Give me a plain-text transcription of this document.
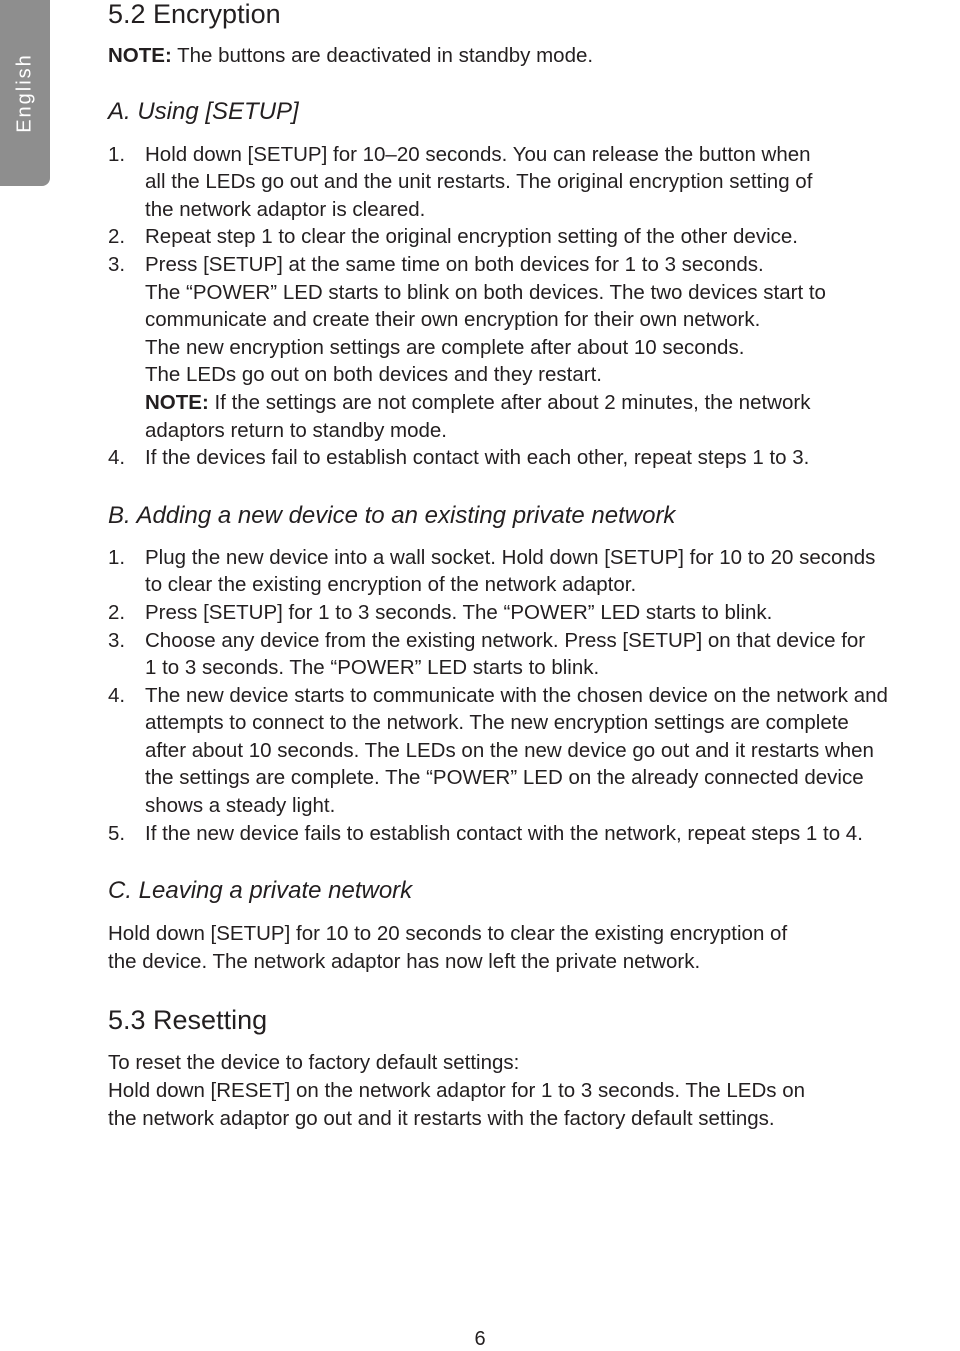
English
5.2 Encryption

NOTE: The buttons are deactivated in standby mode.

A. Using [SETUP]
1. Hold down [SETUP] for 10–20 seconds. You can release the button when
all the LEDs go out and the unit restarts. The original encryption setting of
the network adaptor is cleared.
2. Repeat step 1 to clear the original encryption setting of the other device.
3. Press [SETUP] at the same time on both devices for 1 to 3 seconds.
The “POWER” LED starts to blink on both devices. The two devices start to
communicate and create their own encryption for their own network.
The new encryption settings are complete after about 10 seconds.
The LEDs go out on both devices and they restart.
NOTE: If the settings are not complete after about 2 minutes, the network
adaptors return to standby mode.
4. If the devices fail to establish contact with each other, repeat steps 1 to 3.
B. Adding a new device to an existing private network
1. Plug the new device into a wall socket. Hold down [SETUP] for 10 to 20 seconds
to clear the existing encryption of the network adaptor.
2. Press [SETUP] for 1 to 3 seconds. The “POWER” LED starts to blink.
3. Choose any device from the existing network. Press [SETUP] on that device for
1 to 3 seconds. The “POWER” LED starts to blink.
4. The new device starts to communicate with the chosen device on the network and
attempts to connect to the network. The new encryption settings are complete
after about 10 seconds. The LEDs on the new device go out and it restarts when
the settings are complete. The “POWER” LED on the already connected device
shows a steady light.
5. If the new device fails to establish contact with the network, repeat steps 1 to 4.
C. Leaving a private network

Hold down [SETUP] for 10 to 20 seconds to clear the existing encryption of

the device. The network adaptor has now left the private network.

5.3 Resetting

To reset the device to factory default settings:

Hold down [RESET] on the network adaptor for 1 to 3 seconds. The LEDs on

the network adaptor go out and it restarts with the factory default settings.

6
